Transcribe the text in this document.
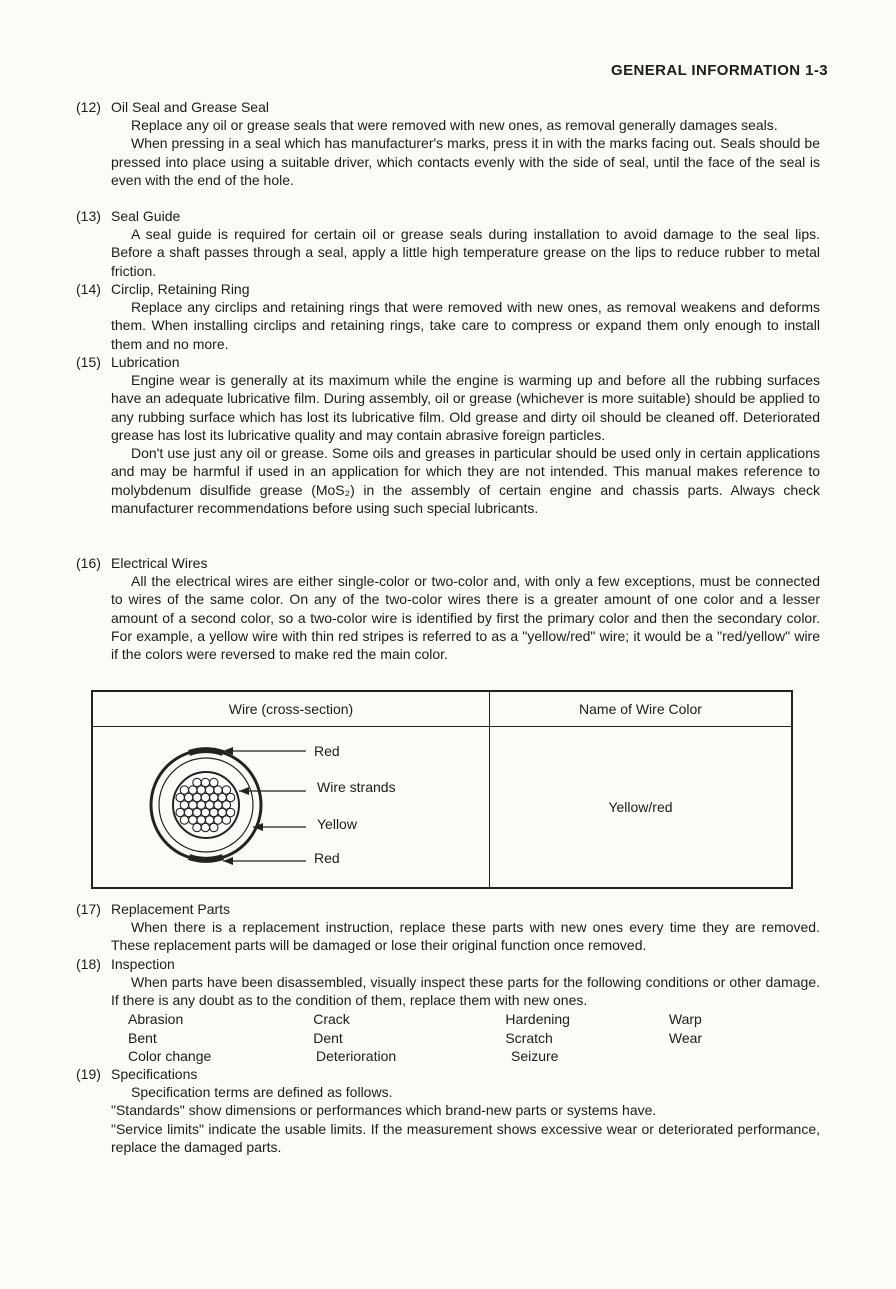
GENERAL INFORMATION 1-3
(12) Oil Seal and Grease Seal
Replace any oil or grease seals that were removed with new ones, as removal generally damages seals.
When pressing in a seal which has manufacturer's marks, press it in with the marks facing out. Seals should be pressed into place using a suitable driver, which contacts evenly with the side of seal, until the face of the seal is even with the end of the hole.
(13) Seal Guide
A seal guide is required for certain oil or grease seals during installation to avoid damage to the seal lips. Before a shaft passes through a seal, apply a little high temperature grease on the lips to reduce rubber to metal friction.
(14) Circlip, Retaining Ring
Replace any circlips and retaining rings that were removed with new ones, as removal weakens and deforms them. When installing circlips and retaining rings, take care to compress or expand them only enough to install them and no more.
(15) Lubrication
Engine wear is generally at its maximum while the engine is warming up and before all the rubbing surfaces have an adequate lubricative film. During assembly, oil or grease (whichever is more suitable) should be applied to any rubbing surface which has lost its lubricative film. Old grease and dirty oil should be cleaned off. Deteriorated grease has lost its lubricative quality and may contain abrasive foreign particles.
Don't use just any oil or grease. Some oils and greases in particular should be used only in certain applications and may be harmful if used in an application for which they are not intended. This manual makes reference to molybdenum disulfide grease (MoS₂) in the assembly of certain engine and chassis parts. Always check manufacturer recommendations before using such special lubricants.
(16) Electrical Wires
All the electrical wires are either single-color or two-color and, with only a few exceptions, must be connected to wires of the same color. On any of the two-color wires there is a greater amount of one color and a lesser amount of a second color, so a two-color wire is identified by first the primary color and then the secondary color. For example, a yellow wire with thin red stripes is referred to as a "yellow/red" wire; it would be a "red/yellow" wire if the colors were reversed to make red the main color.
Wire (cross-section)	Name of Wire Color

Red
Wire strands
Yellow
Red	Yellow/red
(17) Replacement Parts
When there is a replacement instruction, replace these parts with new ones every time they are removed. These replacement parts will be damaged or lose their original function once removed.
(18) Inspection
When parts have been disassembled, visually inspect these parts for the following conditions or other damage. If there is any doubt as to the condition of them, replace them with new ones.
Abrasion	Crack	Hardening	Warp
Bent	Dent	Scratch	Wear
Color change	Deterioration	Seizure
(19) Specifications
Specification terms are defined as follows.
"Standards" show dimensions or performances which brand-new parts or systems have.
"Service limits" indicate the usable limits. If the measurement shows excessive wear or deteriorated performance, replace the damaged parts.
